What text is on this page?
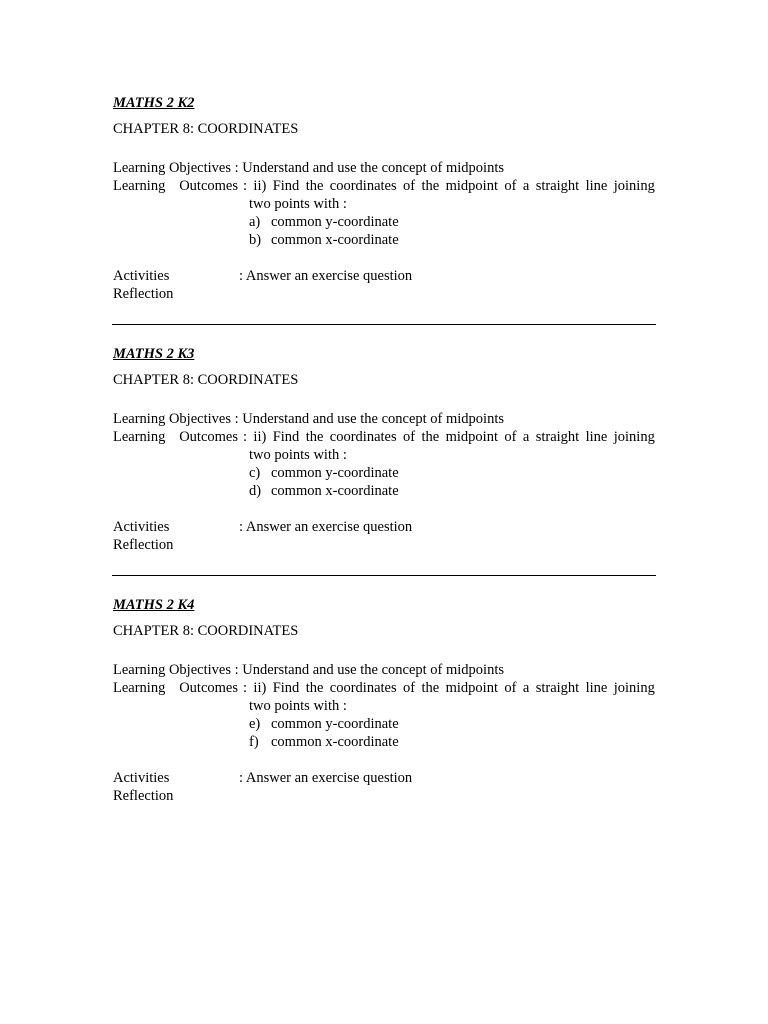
MATHS 2 K2
CHAPTER 8: COORDINATES
Learning Objectives : Understand and use the concept of midpoints
Learning Outcomes : ii) Find the coordinates of the midpoint of a straight line joining
two points with :
a) common y-coordinate
b) common x-coordinate
Activities	: Answer an exercise question
Reflection
MATHS 2 K3
CHAPTER 8: COORDINATES
Learning Objectives : Understand and use the concept of midpoints
Learning Outcomes : ii) Find the coordinates of the midpoint of a straight line joining
two points with :
c) common y-coordinate
d) common x-coordinate
Activities	: Answer an exercise question
Reflection
MATHS 2 K4
CHAPTER 8: COORDINATES
Learning Objectives : Understand and use the concept of midpoints
Learning Outcomes : ii) Find the coordinates of the midpoint of a straight line joining
two points with :
e) common y-coordinate
f) common x-coordinate
Activities	: Answer an exercise question
Reflection
